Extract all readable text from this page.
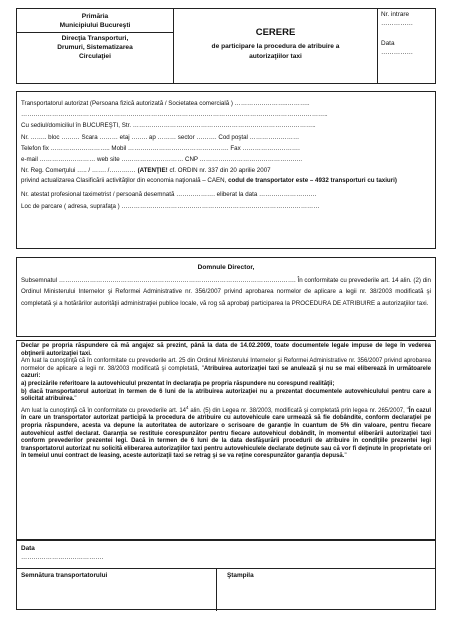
Primăria
Municipiului Bucureşti
Direcţia Transporturi,
Drumuri, Sistematizarea
Circulaţiei
CERERE
de participare la procedura de atribuire a
autorizaţiilor taxi
Nr. intrare
……………
Data
……………
Transportatorul autorizat (Persoana fizică autorizată / Societatea comercială ) ……………………..………..
…………………………………………………………………………………………………………………………………..
Cu sediul/domiciliul în BUCUREŞTI, Str. ……………………………………………………………………………..
Nr. …….. bloc ……… Scara ……… etaj …….. ap ……… sector ………. Cod poştal ……………………
Telefon fix ……………………….. Mobil …………………………………………. Fax ……………………….
e-mail ……………………… web site ………………………… CNP …………………………………………..
Nr. Reg. Comerţului ….. / ……. /……….… (ATENŢIE! cf. ORDIN nr. 337 din 20 aprilie 2007
privind actualizarea Clasificării activităţilor din economia naţională – CAEN, codul de transportator este – 4932 transporturi cu taxiuri)
Nr. atestat profesional taximetrist / persoană desemnată ………………. eliberat la data ……………………….
Loc de parcare ( adresa, suprafaţa ) ……………………………………………………………………………………
Domnule Director,
Subsemnatul ……………………………………………………………………………………………………. În conformitate cu prevederile art. 14 alin. (2) din Ordinul Ministerului Internelor şi Reformei Administrative nr. 356/2007 privind aprobarea normelor de aplicare a legii nr. 38/2003 modificată şi completată şi a hotărârilor autorităţii administraţiei publice locale, vă rog să aprobaţi participarea la PROCEDURA DE ATRIBUIRE a autorizaţiilor taxi.

Declar pe propria răspundere că mă angajez să prezint, până la data de 14.02.2009, toate documentele legale impuse de lege în vederea obţinerii autorizaţiei taxi.

Am luat la cunoştinţă că în conformitate cu prevederile art. 25 din Ordinul Ministerului Internelor şi Reformei Administrative nr. 356/2007 privind aprobarea normelor de aplicare a legii nr. 38/2003 modificată şi completată, "Atribuirea autorizaţiei taxi se anulează şi nu se mai eliberează în următoarele cazuri:

a) precizările referitoare la autovehiculul prezentat în declaraţia pe propria răspundere nu corespund realităţii;

b) dacă transportatorul autorizat în termen de 6 luni de la atribuirea autorizaţiei nu a prezentat documentele autovehiculului pentru care a solicitat atribuirea."

Am luat la cunoştinţă că în conformitate cu prevederile art. $14^4$ alin. (5) din Legea nr. 38/2003, modificată şi completată prin legea nr. 265/2007, "În cazul în care un transportator autorizat participă la procedura de atribuire cu autovehicule care urmează să fie dobândite, conform declaraţiei pe propria răspundere, acesta va depune la autoritatea de autorizare o scrisoare de garanţie în cuantum de 5% din valoare, pentru fiecare autovehicul astfel declarat. Garanţia se restituie corespunzător pentru fiecare autovehicul dobândit, în momentul eliberării autorizaţiei taxi conform prevederilor prezentei legi. Dacă în termen de 6 luni de la data desfăşurării procedurii de atribuire în condiţiile prezentei legi transportatorul autorizat nu solicită eliberarea autorizaţiilor taxi pentru autovehiculele declarate deţinute sau că vor fi deţinute în proprietate ori în temeiul unui contract de leasing, aceste autorizaţii taxi se retrag şi se va reţine corespunzător garanţia depusă."

Data
………………………………….
Semnătura transportatorului	Ştampila
